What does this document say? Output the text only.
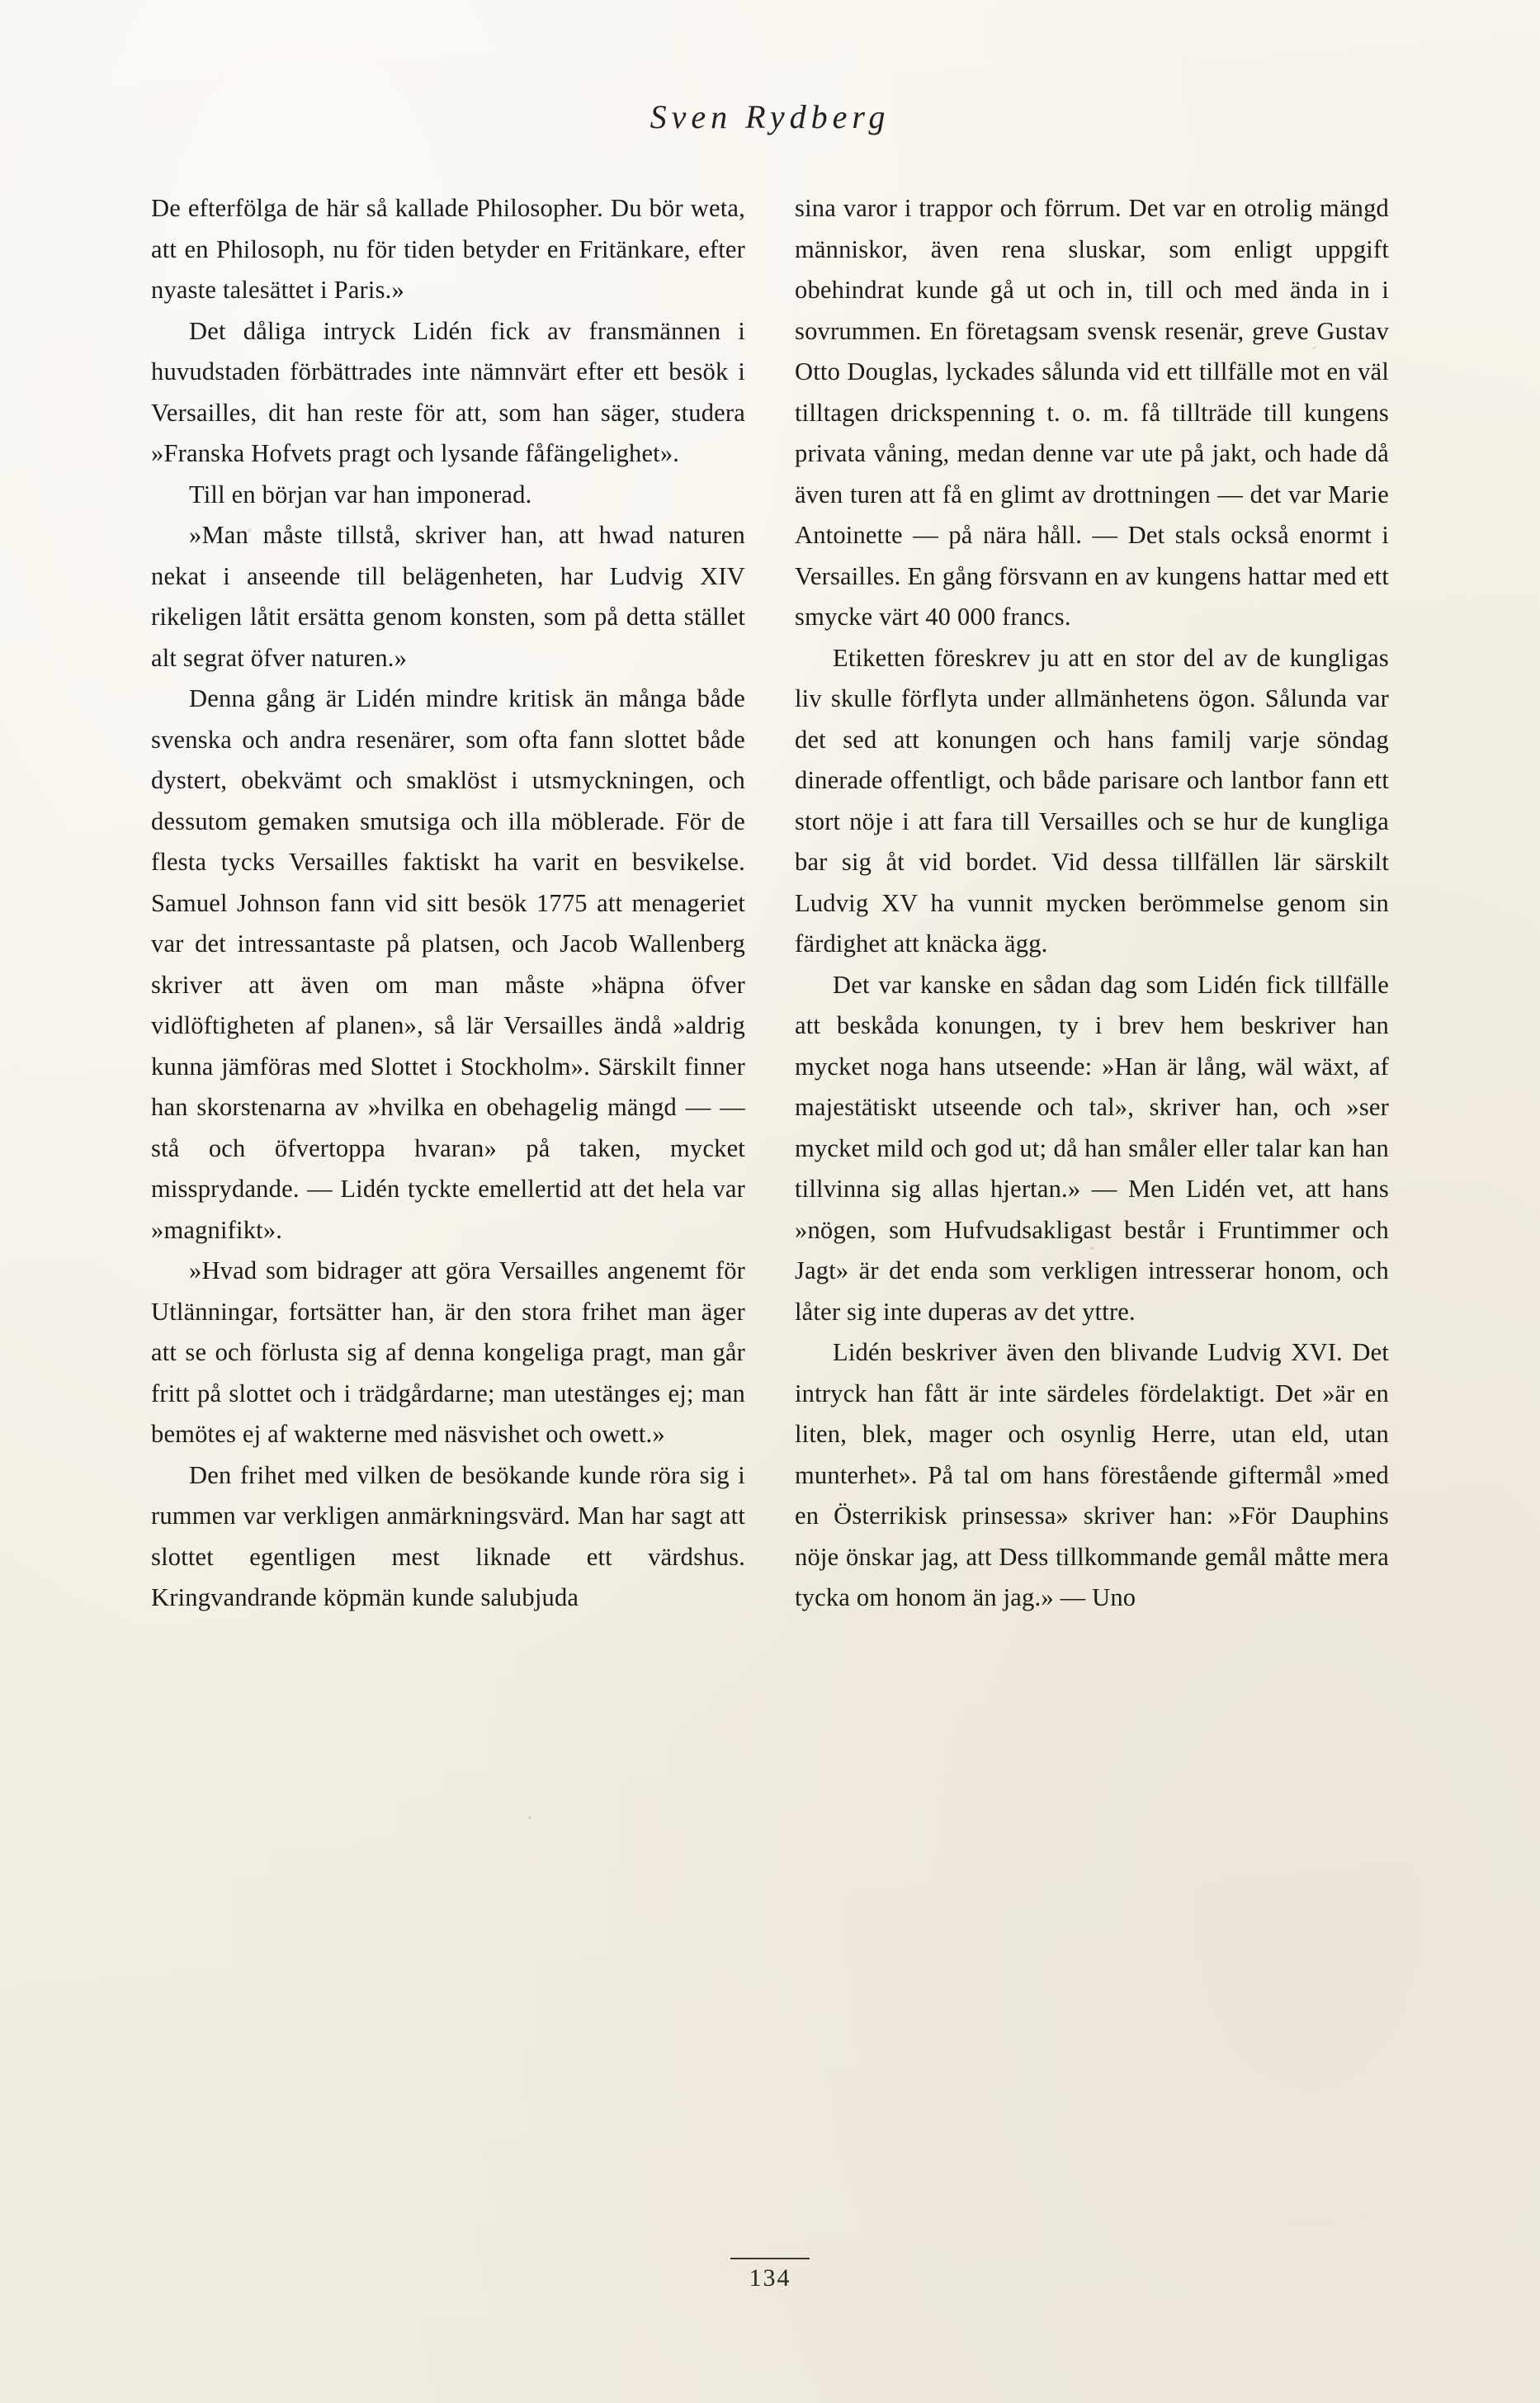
Sven Rydberg

De efterfölga de här så kallade Philosopher. Du bör weta, att en Philosoph, nu för tiden betyder en Fritänkare, efter nyaste talesättet i Paris.»

Det dåliga intryck Lidén fick av fransmännen i huvudstaden förbättrades inte nämnvärt efter ett besök i Versailles, dit han reste för att, som han säger, studera »Franska Hofvets pragt och lysande fåfängelighet».

Till en början var han imponerad.

»Man måste tillstå, skriver han, att hwad naturen nekat i anseende till belägenheten, har Ludvig XIV rikeligen låtit ersätta genom konsten, som på detta stället alt segrat öfver naturen.»

Denna gång är Lidén mindre kritisk än många både svenska och andra resenärer, som ofta fann slottet både dystert, obekvämt och smaklöst i utsmyckningen, och dessutom gemaken smutsiga och illa möblerade. För de flesta tycks Versailles faktiskt ha varit en besvikelse. Samuel Johnson fann vid sitt besök 1775 att menageriet var det intressantaste på platsen, och Jacob Wallenberg skriver att även om man måste »häpna öfver vidlöftigheten af planen», så lär Versailles ändå »aldrig kunna jämföras med Slottet i Stockholm». Särskilt finner han skorstenarna av »hvilka en obehagelig mängd — — stå och öfvertoppa hvaran» på taken, mycket missprydande. — Lidén tyckte emellertid att det hela var »magnifikt».

»Hvad som bidrager att göra Versailles angenemt för Utlänningar, fortsätter han, är den stora frihet man äger att se och förlusta sig af denna kongeliga pragt, man går fritt på slottet och i trädgårdarne; man utestänges ej; man bemötes ej af wakterne med näsvishet och owett.»

Den frihet med vilken de besökande kunde röra sig i rummen var verkligen anmärkningsvärd. Man har sagt att slottet egentligen mest liknade ett värdshus. Kringvandrande köpmän kunde salubjuda

sina varor i trappor och förrum. Det var en otrolig mängd människor, även rena sluskar, som enligt uppgift obehindrat kunde gå ut och in, till och med ända in i sovrummen. En företagsam svensk resenär, greve Gustav Otto Douglas, lyckades sålunda vid ett tillfälle mot en väl tilltagen drickspenning t. o. m. få tillträde till kungens privata våning, medan denne var ute på jakt, och hade då även turen att få en glimt av drottningen — det var Marie Antoinette — på nära håll. — Det stals också enormt i Versailles. En gång försvann en av kungens hattar med ett smycke värt 40 000 francs.

Etiketten föreskrev ju att en stor del av de kungligas liv skulle förflyta under allmänhetens ögon. Sålunda var det sed att konungen och hans familj varje söndag dinerade offentligt, och både parisare och lantbor fann ett stort nöje i att fara till Versailles och se hur de kungliga bar sig åt vid bordet. Vid dessa tillfällen lär särskilt Ludvig XV ha vunnit mycken berömmelse genom sin färdighet att knäcka ägg.

Det var kanske en sådan dag som Lidén fick tillfälle att beskåda konungen, ty i brev hem beskriver han mycket noga hans utseende: »Han är lång, wäl wäxt, af majestätiskt utseende och tal», skriver han, och »ser mycket mild och god ut; då han småler eller talar kan han tillvinna sig allas hjertan.» — Men Lidén vet, att hans »nögen, som Hufvudsakligast består i Fruntimmer och Jagt» är det enda som verkligen intresserar honom, och låter sig inte duperas av det yttre.

Lidén beskriver även den blivande Ludvig XVI. Det intryck han fått är inte särdeles fördelaktigt. Det »är en liten, blek, mager och osynlig Herre, utan eld, utan munterhet». På tal om hans förestående giftermål »med en Österrikisk prinsessa» skriver han: »För Dauphins nöje önskar jag, att Dess tillkommande gemål måtte mera tycka om honom än jag.» — Uno

134
